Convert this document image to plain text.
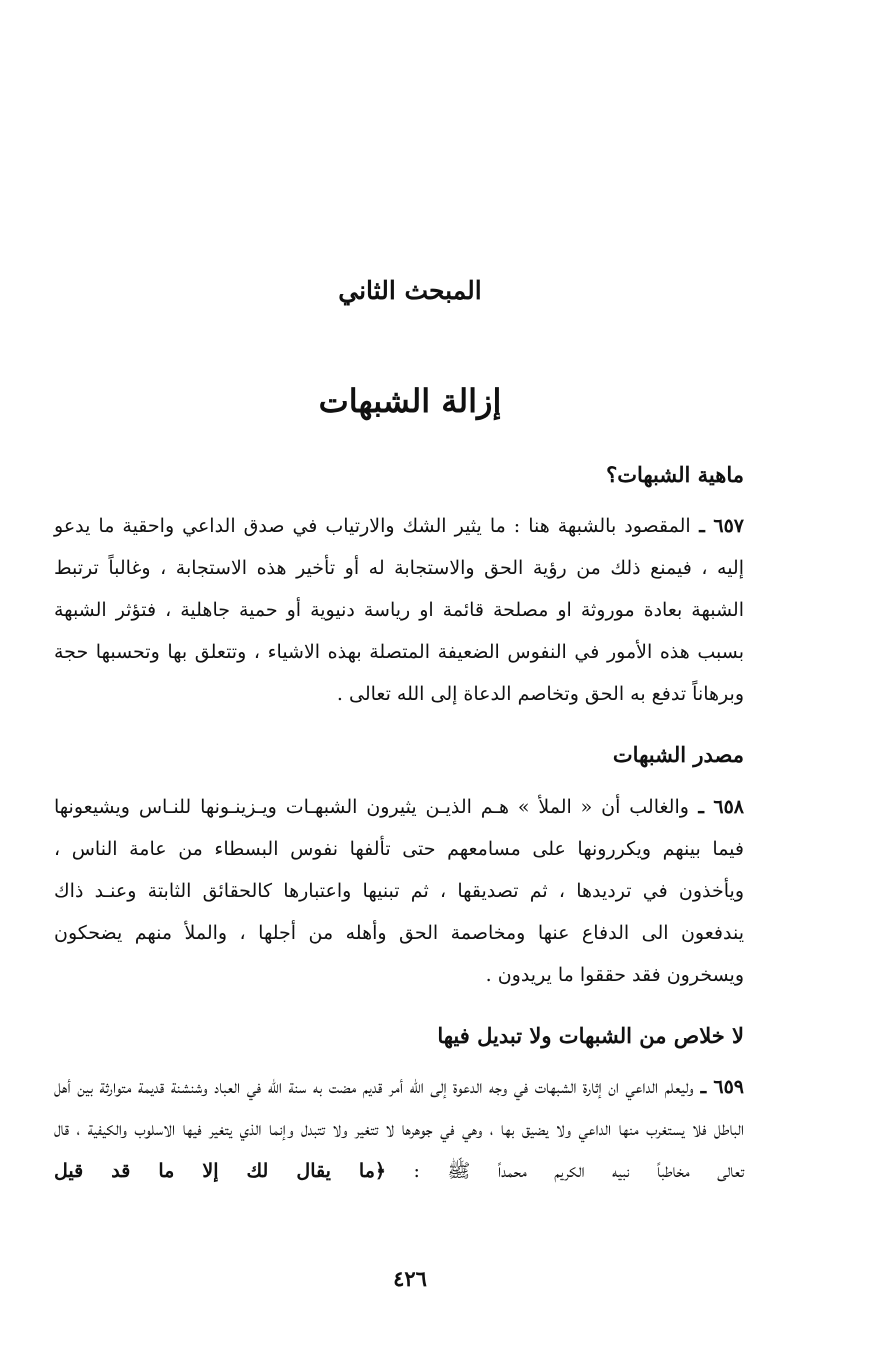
المبحث الثاني
إزالة الشبهات
ماهية الشبهات؟
٦٥٧ ـ المقصود بالشبهة هنا : ما يثير الشك والارتياب في صدق الداعي واحقية ما يدعو إليه ، فيمنع ذلك من رؤية الحق والاستجابة له أو تأخير هذه الاستجابة ، وغالباً ترتبط الشبهة بعادة موروثة او مصلحة قائمة او رياسة دنيوية أو حمية جاهلية ، فتؤثر الشبهة بسبب هذه الأمور في النفوس الضعيفة المتصلة بهذه الاشياء ، وتتعلق بها وتحسبها حجة وبرهاناً تدفع به الحق وتخاصم الدعاة إلى الله تعالى .
مصدر الشبهات
٦٥٨ ـ والغالب أن « الملأ » هـم الذيـن يثيرون الشبهـات ويـزينـونها للنـاس ويشيعونها فيما بينهم ويكررونها على مسامعهم حتى تألفها نفوس البسطاء من عامة الناس ، ويأخذون في ترديدها ، ثم تصديقها ، ثم تبنيها واعتبارها كالحقائق الثابتة وعنـد ذاك يندفعون الى الدفاع عنها ومخاصمة الحق وأهله من أجلها ، والملأ منهم يضحكون ويسخرون فقد حققوا ما يريدون .
لا خلاص من الشبهات ولا تبديل فيها
٦٥٩ ـ وليعلم الداعي ان إثارة الشبهات في وجه الدعوة إلى الله أمر قديم مضت به سنة الله في العباد وشنشنة قديمة متوارثة بين أهل الباطل فلا يستغرب منها الداعي ولا يضيق بها ، وهي في جوهرها لا تتغير ولا تتبدل وإنما الذي يتغير فيها الاسلوب والكيفية ، قال تعالى مخاطباً نبيه الكريم محمداً ﷺ : ﴿ما يقال لك إلا ما قد قيل
٤٢٦
